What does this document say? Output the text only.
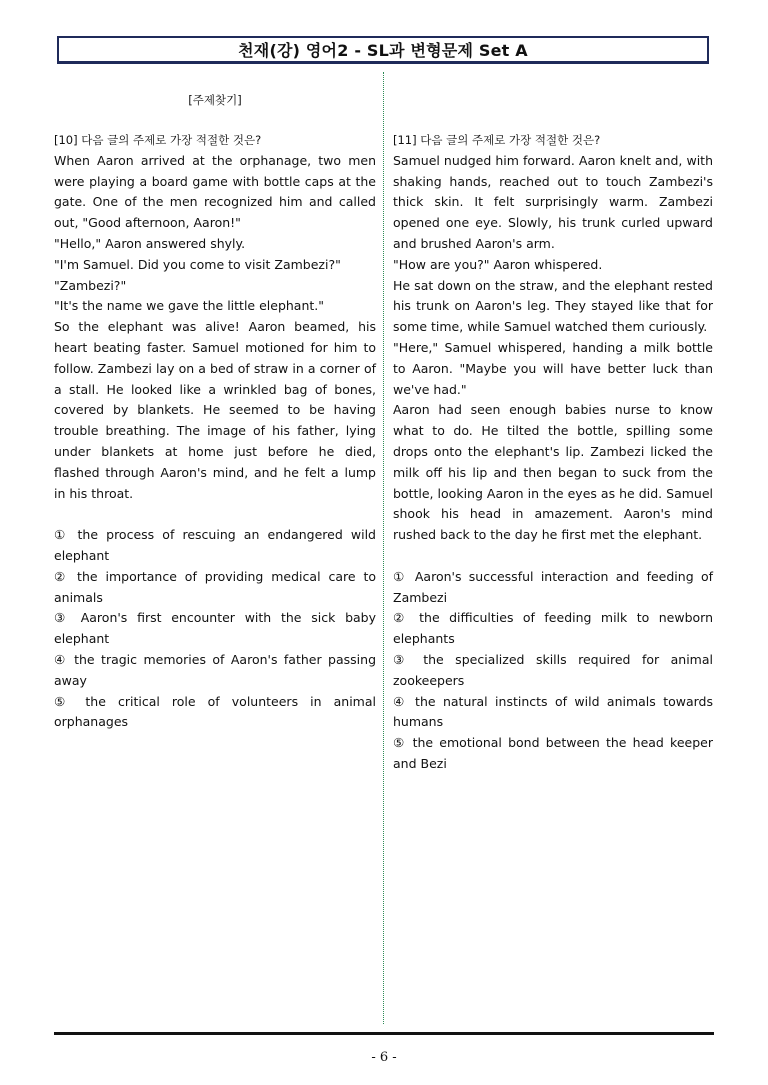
천재(강) 영어2 - SL과 변형문제 Set A
[주제찾기]

[10] 다음 글의 주제로 가장 적절한 것은?

When Aaron arrived at the orphanage, two men were playing a board game with bottle caps at the gate. One of the men recognized him and called out, "Good afternoon, Aaron!"

"Hello," Aaron answered shyly.

"I'm Samuel. Did you come to visit Zambezi?"

"Zambezi?"

"It's the name we gave the little elephant."

So the elephant was alive! Aaron beamed, his heart beating faster. Samuel motioned for him to follow. Zambezi lay on a bed of straw in a corner of a stall. He looked like a wrinkled bag of bones, covered by blankets. He seemed to be having trouble breathing. The image of his father, lying under blankets at home just before he died, flashed through Aaron's mind, and he felt a lump in his throat.

① the process of rescuing an endangered wild elephant

② the importance of providing medical care to animals

③ Aaron's first encounter with the sick baby elephant

④ the tragic memories of Aaron's father passing away

⑤ the critical role of volunteers in animal orphanages

[11] 다음 글의 주제로 가장 적절한 것은?

Samuel nudged him forward. Aaron knelt and, with shaking hands, reached out to touch Zambezi's thick skin. It felt surprisingly warm. Zambezi opened one eye. Slowly, his trunk curled upward and brushed Aaron's arm.

"How are you?" Aaron whispered.

He sat down on the straw, and the elephant rested his trunk on Aaron's leg. They stayed like that for some time, while Samuel watched them curiously.

"Here," Samuel whispered, handing a milk bottle to Aaron. "Maybe you will have better luck than we've had."

Aaron had seen enough babies nurse to know what to do. He tilted the bottle, spilling some drops onto the elephant's lip. Zambezi licked the milk off his lip and then began to suck from the bottle, looking Aaron in the eyes as he did. Samuel shook his head in amazement. Aaron's mind rushed back to the day he first met the elephant.

① Aaron's successful interaction and feeding of Zambezi

② the difficulties of feeding milk to newborn elephants

③ the specialized skills required for animal zookeepers

④ the natural instincts of wild animals towards humans

⑤ the emotional bond between the head keeper and Bezi

- 6 -
